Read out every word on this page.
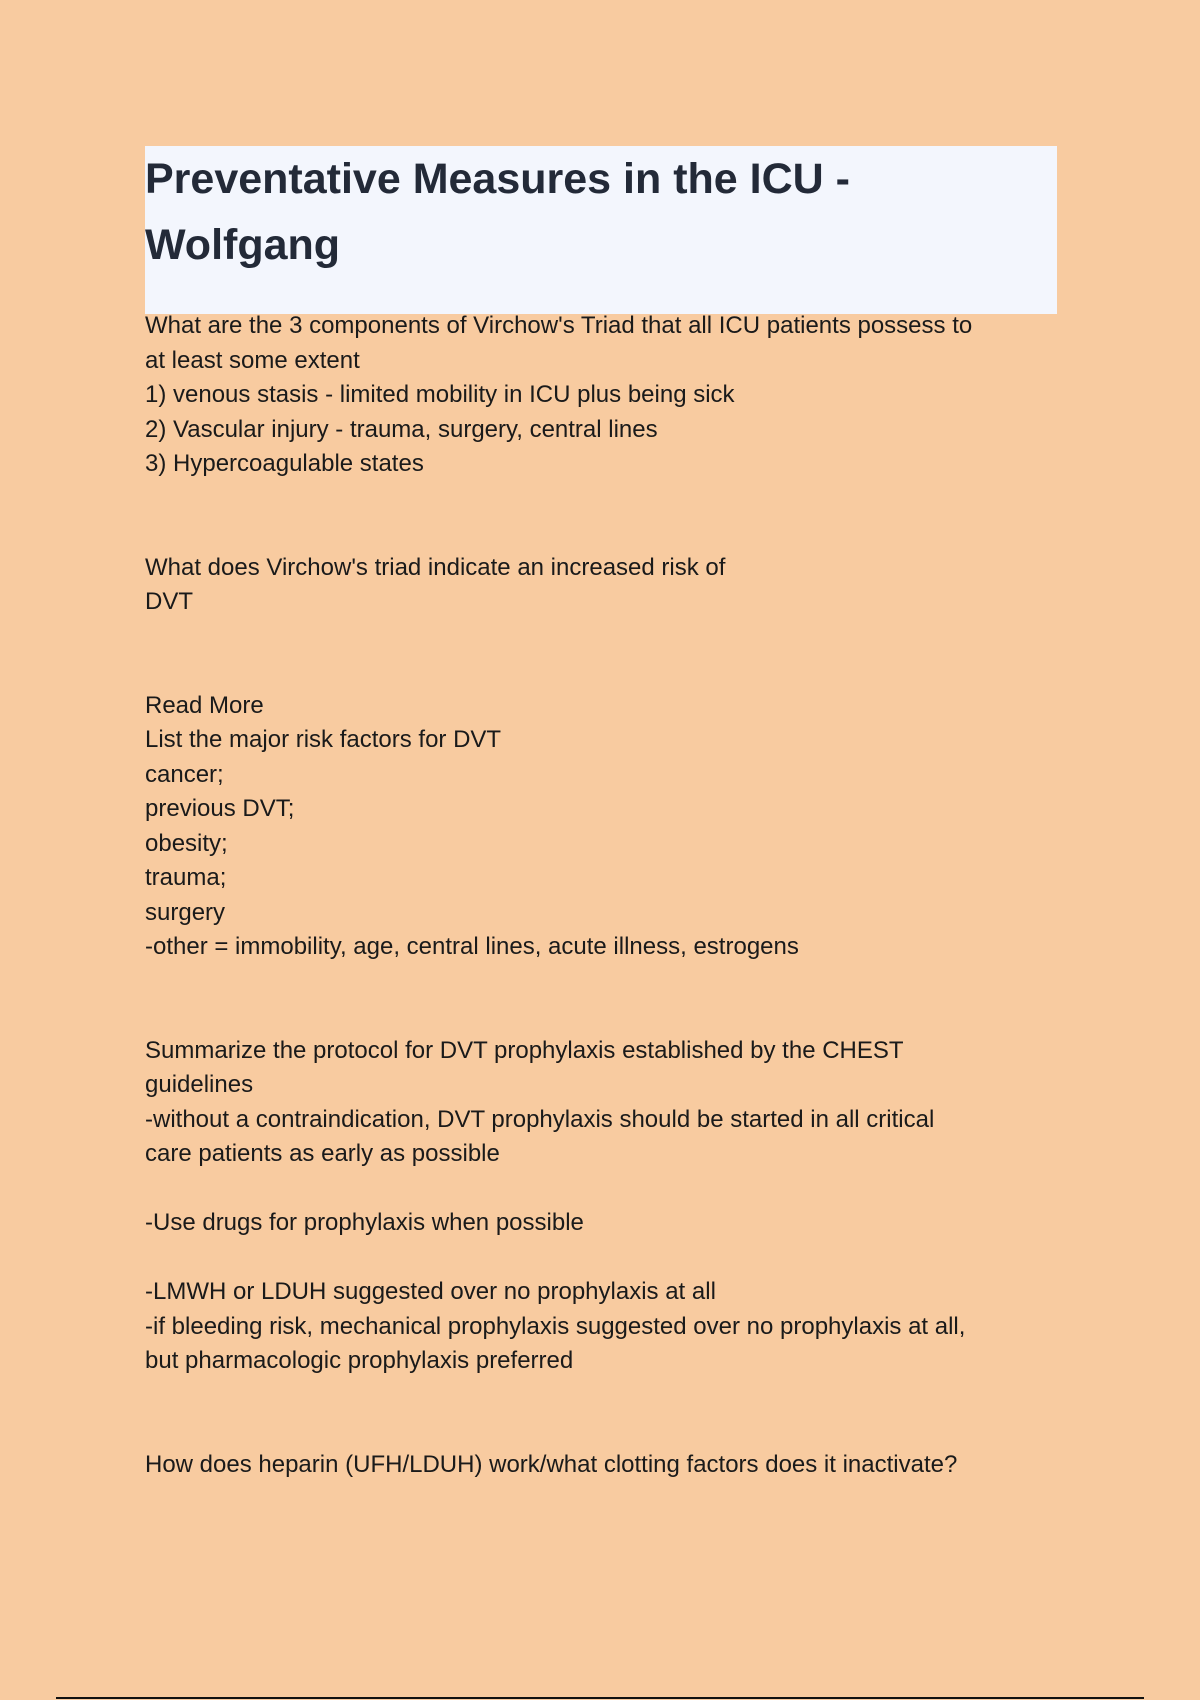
Preventative Measures in the ICU -
Wolfgang
What are the 3 components of Virchow's Triad that all ICU patients possess to
at least some extent
1) venous stasis - limited mobility in ICU plus being sick
2) Vascular injury - trauma, surgery, central lines
3) Hypercoagulable states
What does Virchow's triad indicate an increased risk of
DVT
Read More
List the major risk factors for DVT
cancer;
previous DVT;
obesity;
trauma;
surgery
-other = immobility, age, central lines, acute illness, estrogens
Summarize the protocol for DVT prophylaxis established by the CHEST
guidelines
-without a contraindication, DVT prophylaxis should be started in all critical
care patients as early as possible
-Use drugs for prophylaxis when possible
-LMWH or LDUH suggested over no prophylaxis at all
-if bleeding risk, mechanical prophylaxis suggested over no prophylaxis at all,
but pharmacologic prophylaxis preferred
How does heparin (UFH/LDUH) work/what clotting factors does it inactivate?
